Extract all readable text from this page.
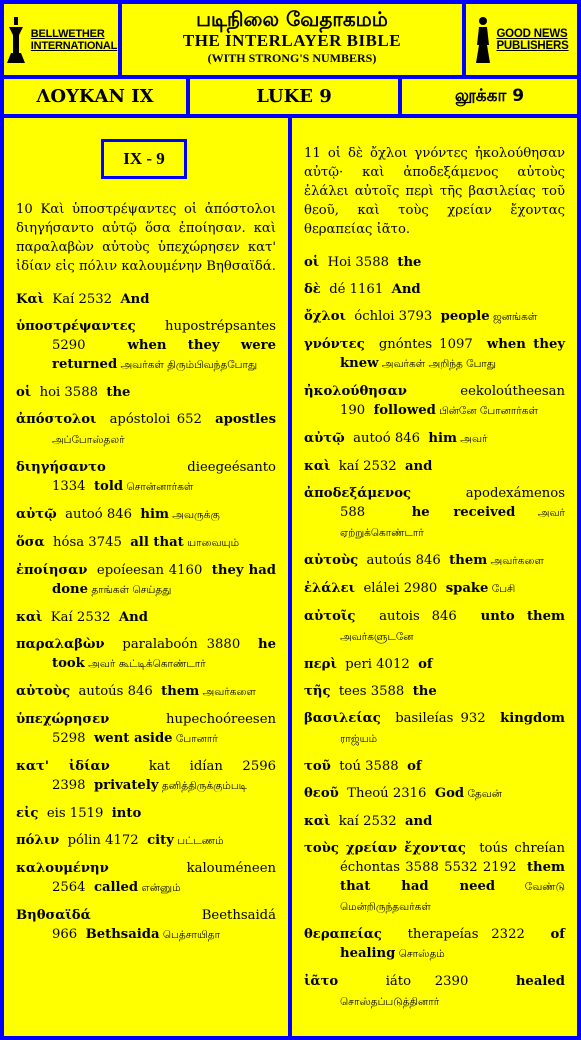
BELLWETHER
INTERNATIONAL
படிநிலை வேதாகமம்
THE INTERLAYER BIBLE
(WITH STRONG'S NUMBERS)
GOOD NEWS
PUBLISHERS
ΛΟΥΚΑΝ IX	LUKE 9	லூக்கா 9

10 Καὶ ὑποστρέψαντες οἱ ἀπόστολοι διηγήσαντο αὐτῷ ὅσα ἐποίησαν. καὶ παραλαβὼν αὐτοὺς ὑπεχώρησεν κατ' ἰδίαν εἰς πόλιν καλουμένην Βηθσαϊδά.

Καὶ  Kaí 2532  And

ὑποστρέψαντες  hupostrépsantes 5290  when they were returned அவர்கள் திரும்பிவந்தபோது

οἱ  hoi 3588  the

ἀπόστολοι  apóstoloi 652  apostles அப்போஸ்தலர்

διηγήσαντο  dieegeésanto 1334  told சொன்னார்கள்

αὐτῷ  autoó 846  him அவருக்கு

ὅσα  hósa 3745  all that யாவையும்

ἐποίησαν  epoíeesan 4160  they had done தாங்கள் செய்தது

καὶ  Kaí 2532  And

παραλαβὼν  paralaboón 3880  he took அவர் கூட்டிக்கொண்டார்

αὐτοὺς  autoús 846  them அவர்களை

ὑπεχώρησεν  hupechoóreesen 5298  went aside போனார்

κατ' ἰδίαν  kat idían 2596 2398  privately தனித்திருக்கும்படி

εἰς  eis 1519  into

πόλιν  pólin 4172  city பட்டணம்

καλουμένην  kalouméneen 2564  called என்னும்

Βηθσαϊδά  Beethsaidá 966  Bethsaida பெத்சாயிதா

IX - 9	11 οἱ δὲ ὄχλοι γνόντες ἠκολούθησαν αὐτῷ· καὶ ἀποδεξάμενος αὐτοὺς ἐλάλει αὐτοῖς περὶ τῆς βασιλείας τοῦ θεοῦ, καὶ τοὺς χρείαν ἔχοντας θεραπείας ἰᾶτο.

οἱ  Hoi 3588  the

δὲ  dé 1161  And

ὄχλοι  óchloi 3793  people ஜனங்கள்

γνόντες  gnóntes 1097  when they knew அவர்கள் அறிந்த போது

ἠκολούθησαν  eekoloútheesan 190  followed பின்னே போனார்கள்

αὐτῷ  autoó 846  him அவர்

καὶ  kaí 2532  and

ἀποδεξάμενος  apodexámenos 588  he received அவர் ஏற்றுக்கொண்டார்

αὐτοὺς  autoús 846  them அவர்களை

ἐλάλει  elálei 2980  spake பேசி

αὐτοῖς  autois 846  unto them அவர்களுடனே

περὶ  peri 4012  of

τῆς  tees 3588  the

βασιλείας  basileías 932  kingdom ராஜ்யம்

τοῦ  toú 3588  of

θεοῦ  Theoú 2316  God தேவன்

καὶ  kaí 2532  and

τοὺς χρείαν ἔχοντας  toús chreían échontas 3588 5532 2192  them that had need வேண்டு மென்றிருந்தவர்கள்

θεραπείας  therapeías 2322  of healing சொஸ்தம்

ἰᾶτο  iáto 2390  healed சொஸ்தப்படுத்தினார்
